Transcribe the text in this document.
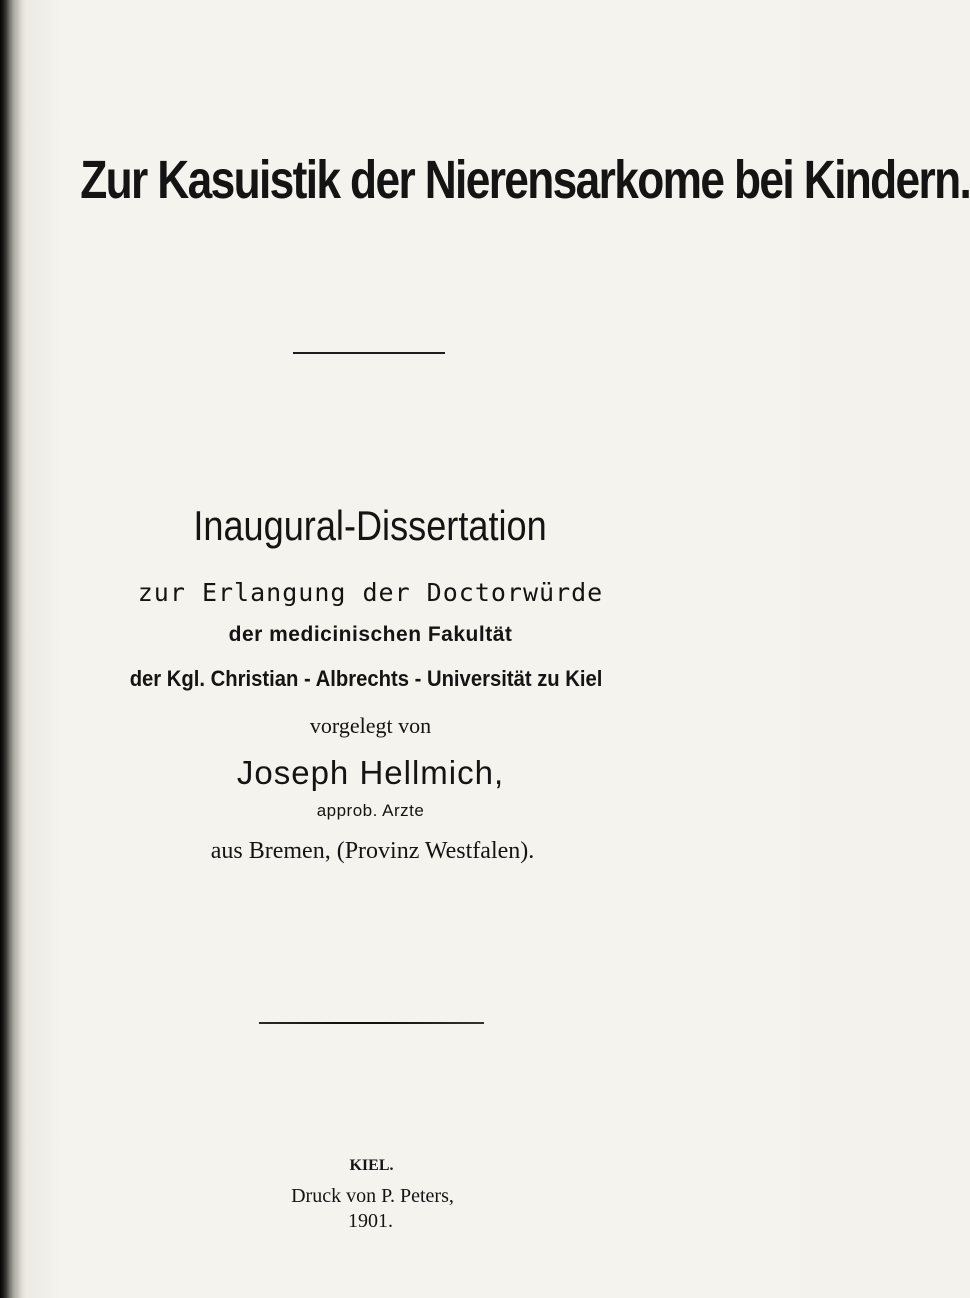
Zur Kasuistik der Nierensarkome bei Kindern.
Inaugural-Dissertation
zur Erlangung der Doctorwürde
der medicinischen Fakultät
der Kgl. Christian - Albrechts - Universität zu Kiel
vorgelegt von
Joseph Hellmich,
approb. Arzte
aus Bremen, (Provinz Westfalen).
KIEL.
Druck von P. Peters,
1901.
